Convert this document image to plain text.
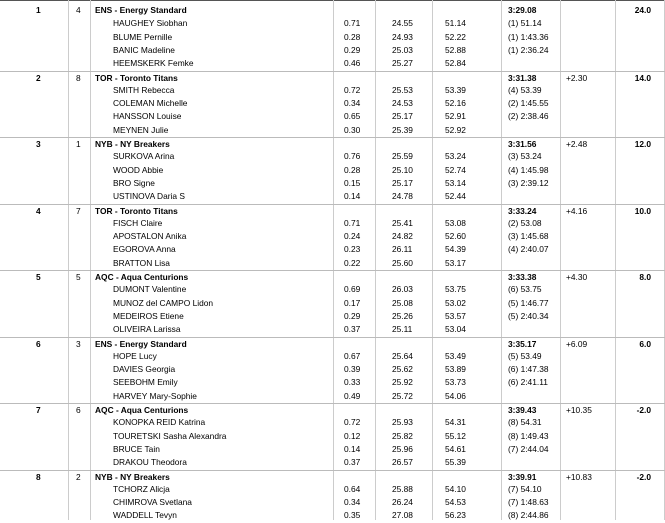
1	4 ENS - Energy Standard	3:29.08	24.0
HAUGHEY Siobhan	0.71	24.55	51.14	(1) 51.14
BLUME Pernille	0.28	24.93	52.22	(1) 1:43.36
BANIC Madeline	0.29	25.03	52.88	(1) 2:36.24
HEEMSKERK Femke	0.46	25.27	52.84
2	8 TOR - Toronto Titans	3:31.38	+2.30	14.0
SMITH Rebecca	0.72	25.53	53.39	(4) 53.39
COLEMAN Michelle	0.34	24.53	52.16	(2) 1:45.55
HANSSON Louise	0.65	25.17	52.91	(2) 2:38.46
MEYNEN Julie	0.30	25.39	52.92
3	1 NYB - NY Breakers	3:31.56	+2.48	12.0
SURKOVA Arina	0.76	25.59	53.24	(3) 53.24
WOOD Abbie	0.28	25.10	52.74	(4) 1:45.98
BRO Signe	0.15	25.17	53.14	(3) 2:39.12
USTINOVA Daria S	0.14	24.78	52.44
4	7 TOR - Toronto Titans	3:33.24	+4.16	10.0
FISCH Claire	0.71	25.41	53.08	(2) 53.08
APOSTALON Anika	0.24	24.82	52.60	(3) 1:45.68
EGOROVA Anna	0.23	26.11	54.39	(4) 2:40.07
BRATTON Lisa	0.22	25.60	53.17
5	5 AQC - Aqua Centurions	3:33.38	+4.30	8.0
DUMONT Valentine	0.69	26.03	53.75	(6) 53.75
MUNOZ del CAMPO Lidon	0.17	25.08	53.02	(5) 1:46.77
MEDEIROS Etiene	0.29	25.26	53.57	(5) 2:40.34
OLIVEIRA Larissa	0.37	25.11	53.04
6	3 ENS - Energy Standard	3:35.17	+6.09	6.0
HOPE Lucy	0.67	25.64	53.49	(5) 53.49
DAVIES Georgia	0.39	25.62	53.89	(6) 1:47.38
SEEBOHM Emily	0.33	25.92	53.73	(6) 2:41.11
HARVEY Mary-Sophie	0.49	25.72	54.06
7	6 AQC - Aqua Centurions	3:39.43	+10.35	-2.0
KONOPKA REID Katrina	0.72	25.93	54.31	(8) 54.31
TOURETSKI Sasha Alexandra	0.12	25.82	55.12	(8) 1:49.43
BRUCE Tain	0.14	25.96	54.61	(7) 2:44.04
DRAKOU Theodora	0.37	26.57	55.39
8	2 NYB - NY Breakers	3:39.91	+10.83	-2.0
TCHORZ Alicja	0.64	25.88	54.10	(7) 54.10
CHIMROVA Svetlana	0.34	26.24	54.53	(7) 1:48.63
WADDELL Tevyn	0.35	27.08	56.23	(8) 2:44.86
